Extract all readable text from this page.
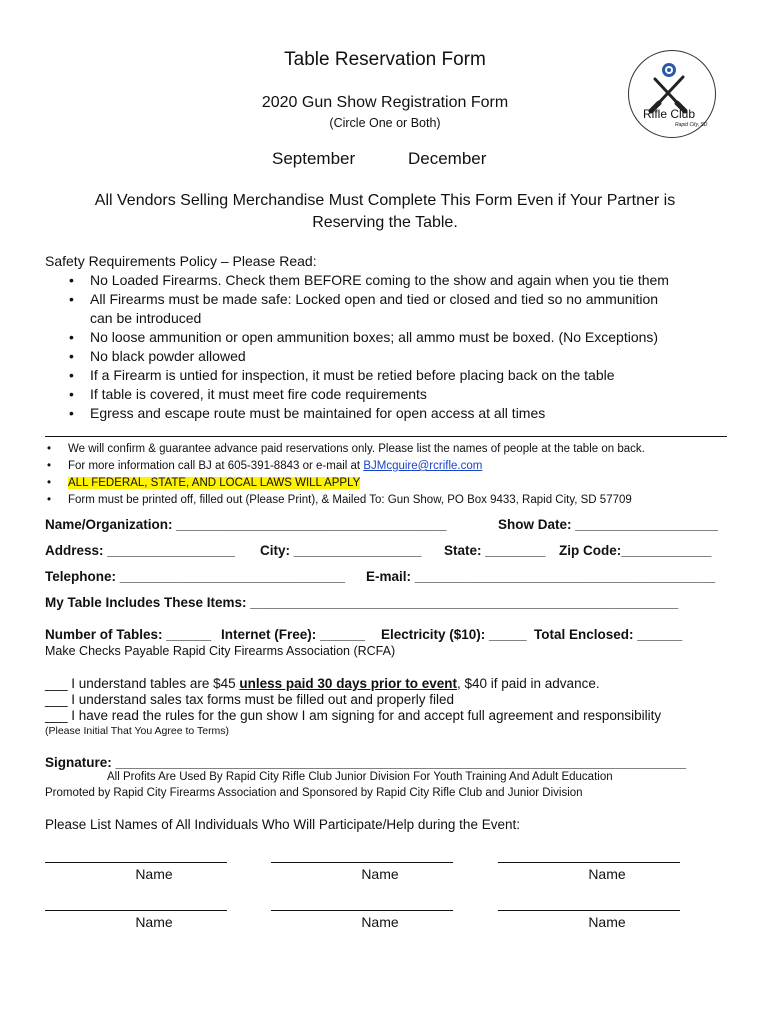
Table Reservation Form
2020 Gun Show Registration Form
(Circle One or Both)
September	December
All Vendors Selling Merchandise Must Complete This Form Even if Your Partner is
Reserving the Table.
Rifle Club
Rapid City, SD
Safety Requirements Policy – Please Read:
• No Loaded Firearms. Check them BEFORE coming to the show and again when you tie them
• All Firearms must be made safe: Locked open and tied or closed and tied so no ammunition
can be introduced
• No loose ammunition or open ammunition boxes; all ammo must be boxed. (No Exceptions)
• No black powder allowed
• If a Firearm is untied for inspection, it must be retied before placing back on the table
• If table is covered, it must meet fire code requirements
• Egress and escape route must be maintained for open access at all times
• We will confirm & guarantee advance paid reservations only. Please list the names of people at the table on back.
• For more information call BJ at 605-391-8843 or e-mail at BJMcguire@rcrifle.com
• ALL FEDERAL, STATE, AND LOCAL LAWS WILL APPLY
• Form must be printed off, filled out (Please Print), & Mailed To: Gun Show, PO Box 9433, Rapid City, SD 57709
Name/Organization: ____________________________________	Show Date: ___________________
Address: _________________ City: _________________ State: ________ Zip Code:____________
Telephone: ______________________________ E-mail: ________________________________________
My Table Includes These Items: _________________________________________________________
Number of Tables: ______ Internet (Free): ______ Electricity ($10): _____ Total Enclosed: ______
Make Checks Payable Rapid City Firearms Association (RCFA)
___ I understand tables are $45 unless paid 30 days prior to event, $40 if paid in advance.
___ I understand sales tax forms must be filled out and properly filed
___ I have read the rules for the gun show I am signing for and accept full agreement and responsibility
(Please Initial That You Agree to Terms)
Signature: ____________________________________________________________________________
All Profits Are Used By Rapid City Rifle Club Junior Division For Youth Training And Adult Education
Promoted by Rapid City Firearms Association and Sponsored by Rapid City Rifle Club and Junior Division
Please List Names of All Individuals Who Will Participate/Help during the Event:
Name	Name	Name
Name	Name	Name
